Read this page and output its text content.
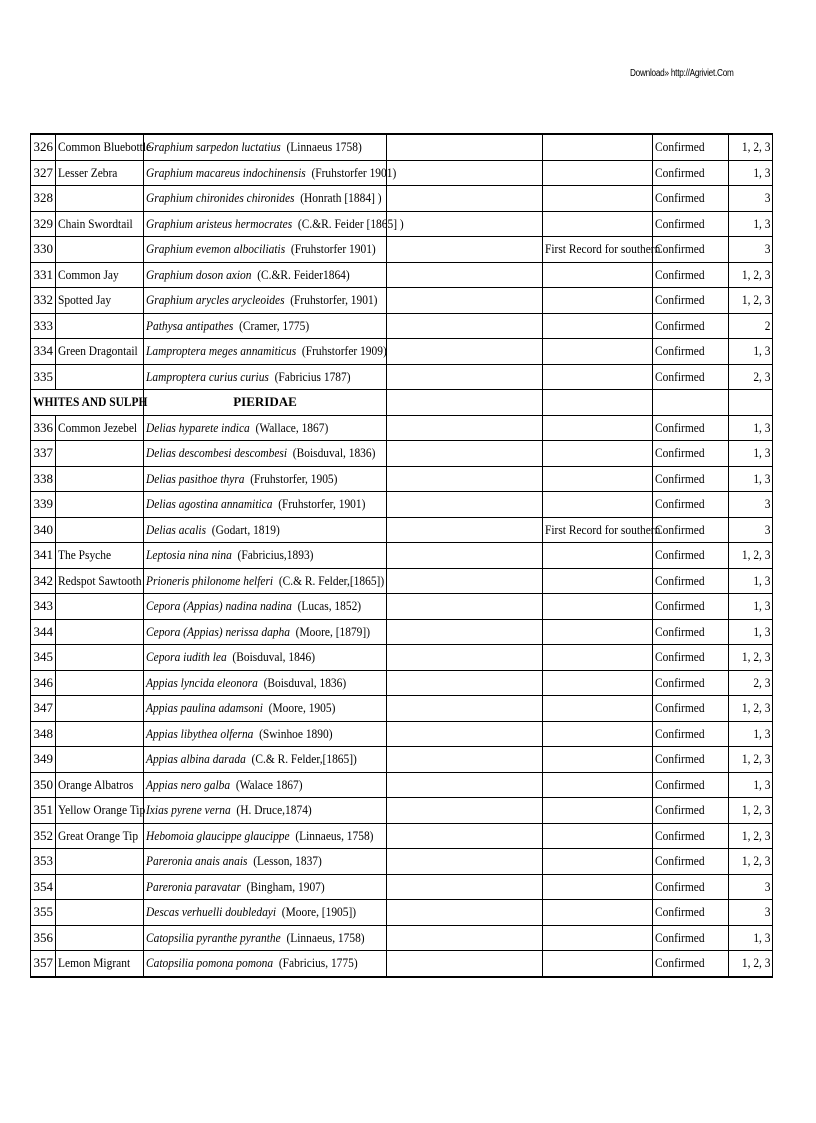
Download» http://Agriviet.Com
326	Common Bluebottle	Graphium sarpedon luctatius (Linnaeus 1758)			Confirmed	1, 2, 3
327	Lesser Zebra	Graphium macareus indochinensis (Fruhstorfer 1901)			Confirmed	1, 3
328		Graphium chironides chironides (Honrath [1884] )			Confirmed	3
329	Chain Swordtail	Graphium aristeus hermocrates (C.&R. Feider [1865] )			Confirmed	1, 3
330		Graphium evemon albociliatis (Fruhstorfer 1901)		First Record for southern	Confirmed	3
331	Common Jay	Graphium doson axion (C.&R. Feider1864)			Confirmed	1, 2, 3
332	Spotted Jay	Graphium arycles arycleoides (Fruhstorfer, 1901)			Confirmed	1, 2, 3
333		Pathysa antipathes (Cramer, 1775)			Confirmed	2
334	Green Dragontail	Lamproptera meges annamiticus (Fruhstorfer 1909)			Confirmed	1, 3
335		Lamproptera curius curius (Fabricius 1787)			Confirmed	2, 3
WHITES AND SULPH		PIERIDAE				
336	Common Jezebel	Delias hyparete indica (Wallace, 1867)			Confirmed	1, 3
337		Delias descombesi descombesi (Boisduval, 1836)			Confirmed	1, 3
338		Delias pasithoe thyra (Fruhstorfer, 1905)			Confirmed	1, 3
339		Delias agostina annamitica (Fruhstorfer, 1901)			Confirmed	3
340		Delias acalis (Godart, 1819)		First Record for southern	Confirmed	3
341	The Psyche	Leptosia nina nina (Fabricius,1893)			Confirmed	1, 2, 3
342	Redspot Sawtooth	Prioneris philonome helferi (C.& R. Felder,[1865])			Confirmed	1, 3
343		Cepora (Appias) nadina nadina (Lucas, 1852)			Confirmed	1, 3
344		Cepora (Appias) nerissa dapha (Moore, [1879])			Confirmed	1, 3
345		Cepora iudith lea (Boisduval, 1846)			Confirmed	1, 2, 3
346		Appias lyncida eleonora (Boisduval, 1836)			Confirmed	2, 3
347		Appias paulina adamsoni (Moore, 1905)			Confirmed	1, 2, 3
348		Appias libythea olferna (Swinhoe 1890)			Confirmed	1, 3
349		Appias albina darada (C.& R. Felder,[1865])			Confirmed	1, 2, 3
350	Orange Albatros	Appias nero galba (Walace 1867)			Confirmed	1, 3
351	Yellow Orange Tip	Ixias pyrene verna (H. Druce,1874)			Confirmed	1, 2, 3
352	Great Orange Tip	Hebomoia glaucippe glaucippe (Linnaeus, 1758)			Confirmed	1, 2, 3
353		Pareronia anais anais (Lesson, 1837)			Confirmed	1, 2, 3
354		Pareronia paravatar (Bingham, 1907)			Confirmed	3
355		Descas verhuelli doubledayi (Moore, [1905])			Confirmed	3
356		Catopsilia pyranthe pyranthe (Linnaeus, 1758)			Confirmed	1, 3
357	Lemon Migrant	Catopsilia pomona pomona (Fabricius, 1775)			Confirmed	1, 2, 3
